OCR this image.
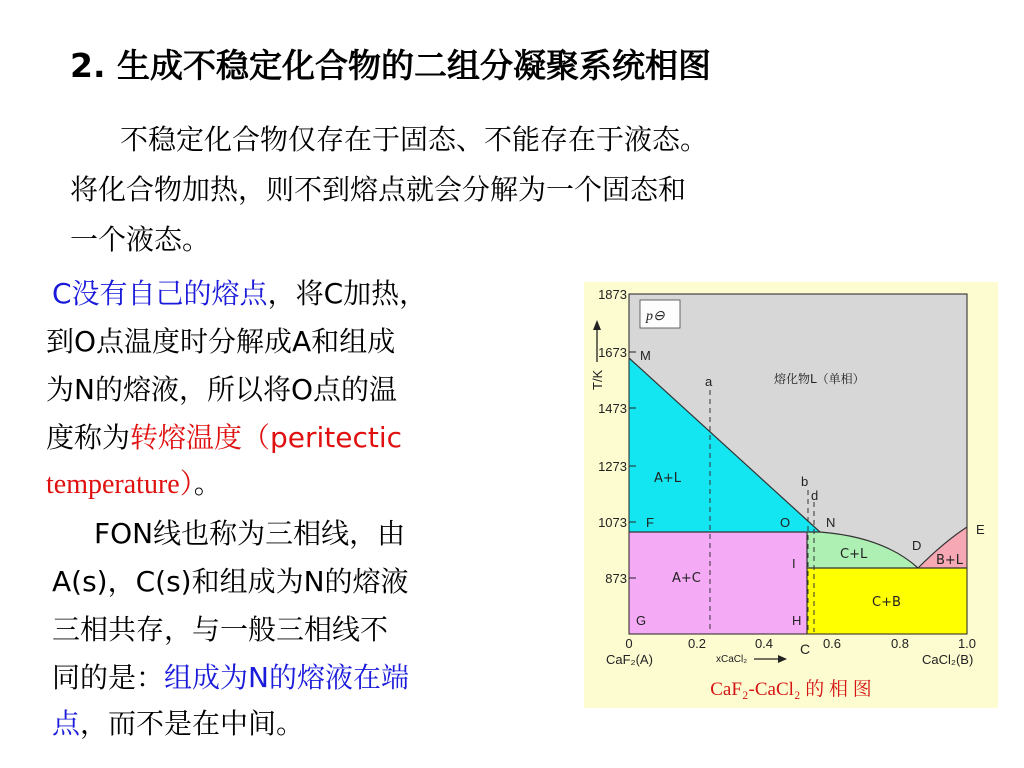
2. 生成不稳定化合物的二组分凝聚系统相图
不稳定化合物仅存在于固态、不能存在于液态。
将化合物加热，则不到熔点就会分解为一个固态和
一个液态。
C没有自己的熔点，将C加热，
到O点温度时分解成A和组成
为N的熔液，所以将O点的温
度称为转熔温度（peritectic
temperature）。
FON线也称为三相线，由
A(s)，C(s)和组成为N的熔液
三相共存，与一般三相线不
同的是：组成为N的熔液在端
点，而不是在中间。
1873
1673
1473
1273
1073
873
T/K
0	0.2	0.4	0.6	0.8	1.0
CaF₂(A)	CaCl₂(B)
xCaCl₂
C
p⊖
熔化物L（单相）
A+L
A+C
C+L
C+B
B+L
M
F	O	N
G	H
I
D
E
a
b
d
CaF₂-CaCl₂ 的 相 图
